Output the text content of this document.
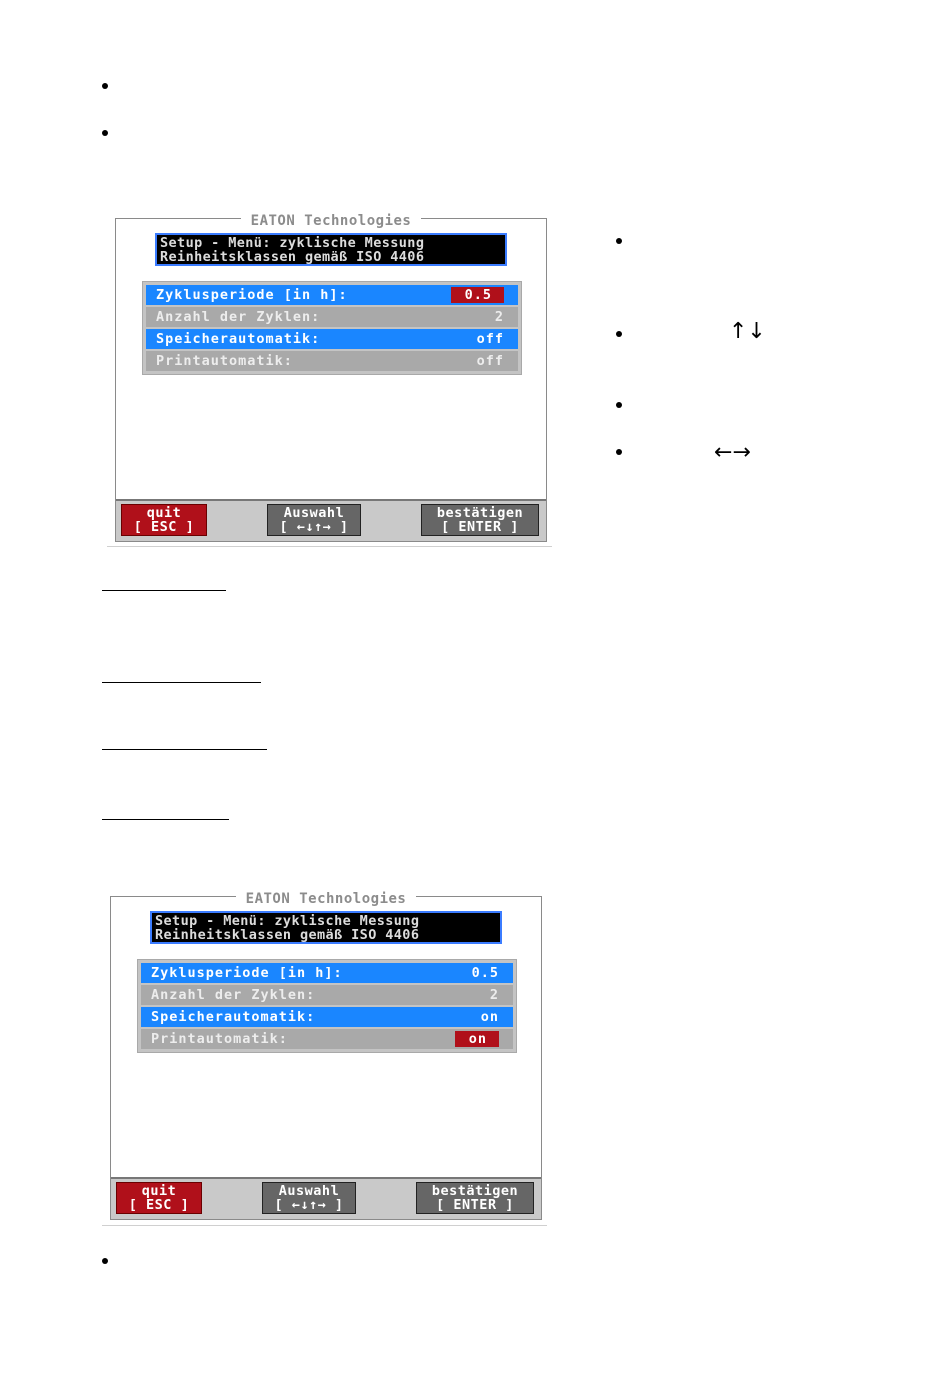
↑↓
←→
EATON Technologies
Setup - Menü: zyklische Messung
Reinheitsklassen gemäß ISO 4406
Zyklusperiode [in h]:	0.5
Anzahl der Zyklen:	2
Speicherautomatik:	off
Printautomatik:	off
quit
[ ESC ]
Auswahl
[ ←↓↑→ ]
bestätigen
[ ENTER ]
EATON Technologies
Setup - Menü: zyklische Messung
Reinheitsklassen gemäß ISO 4406
Zyklusperiode [in h]:	0.5
Anzahl der Zyklen:	2
Speicherautomatik:	on
Printautomatik:	on
quit
[ ESC ]
Auswahl
[ ←↓↑→ ]
bestätigen
[ ENTER ]
